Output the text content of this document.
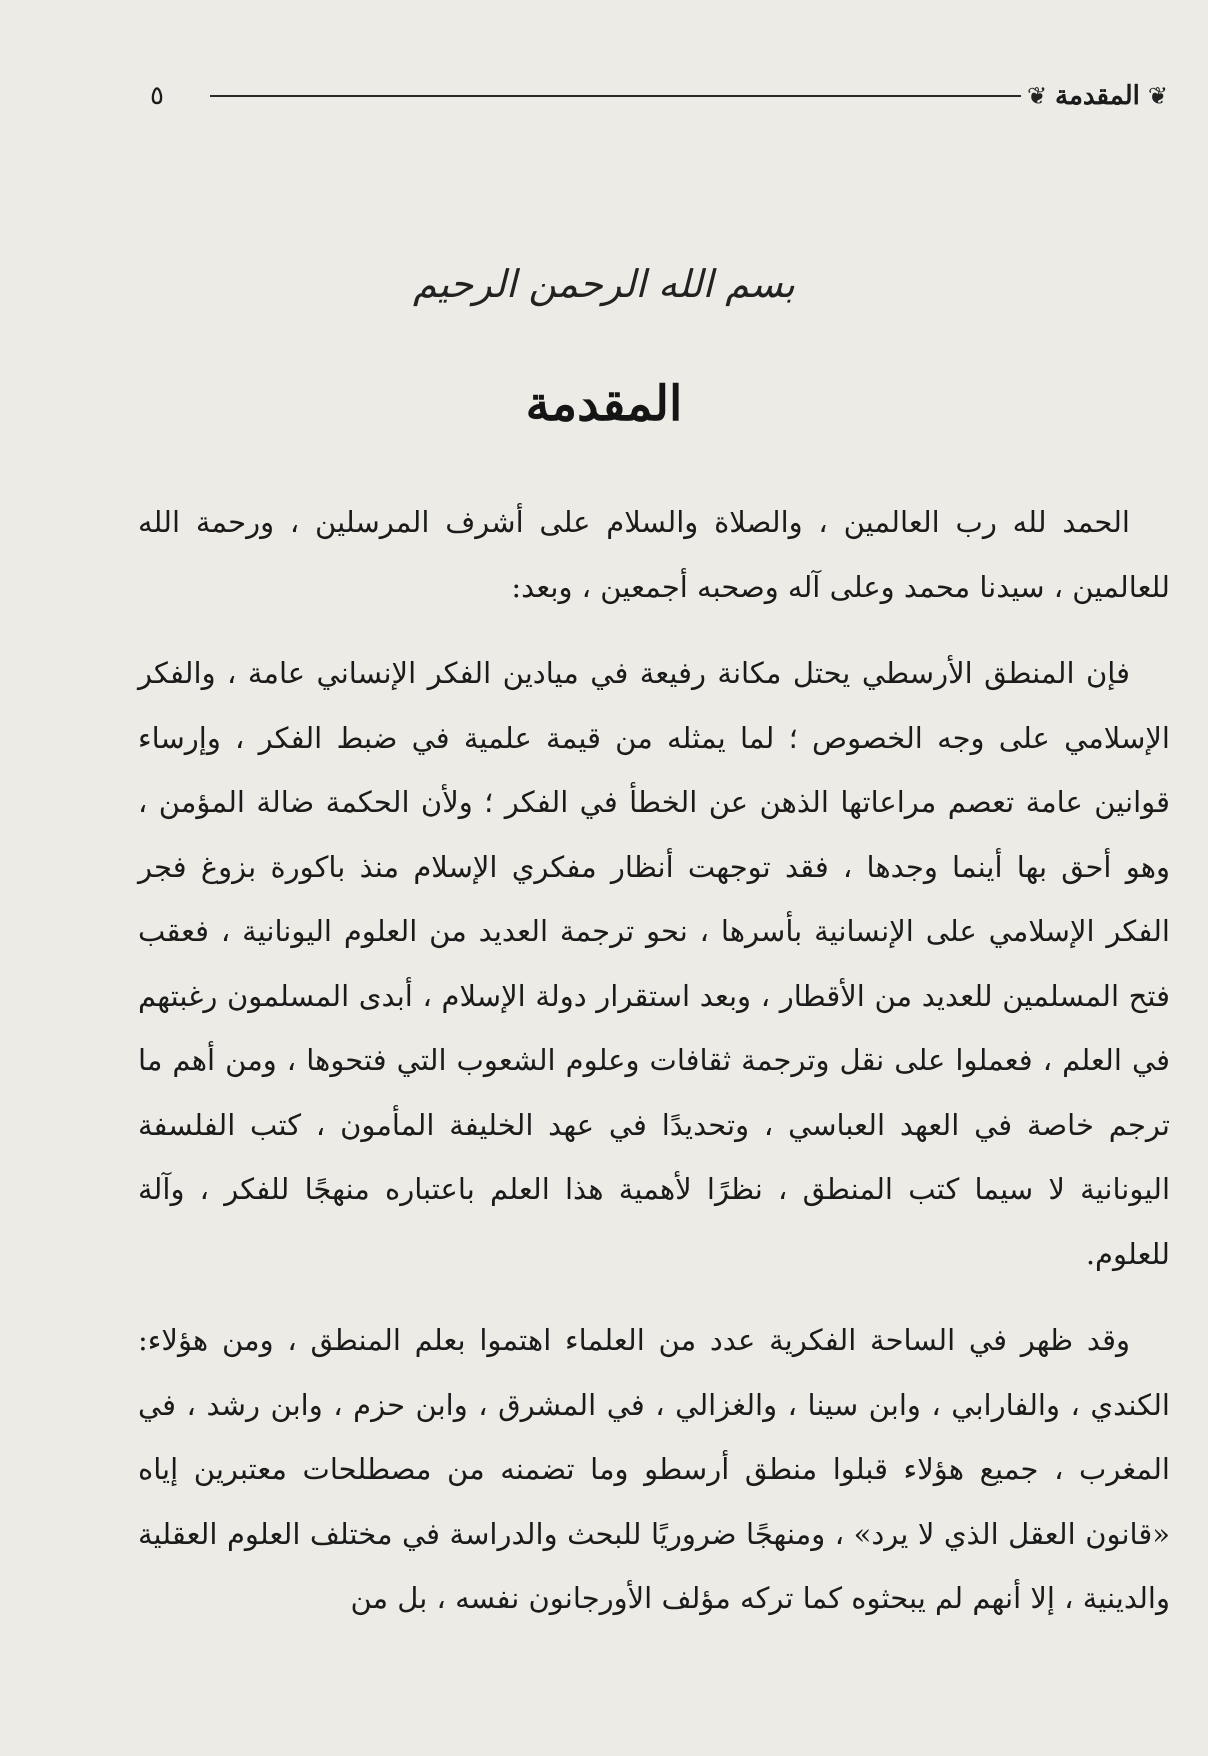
❦
المقدمة
❦
٥
بسم الله الرحمن الرحيم
المقدمة

الحمد لله رب العالمين ، والصلاة والسلام على أشرف المرسلين ، ورحمة الله للعالمين ، سيدنا محمد وعلى آله وصحبه أجمعين ، وبعد:

فإن المنطق الأرسطي يحتل مكانة رفيعة في ميادين الفكر الإنساني عامة ، والفكر الإسلامي على وجه الخصوص ؛ لما يمثله من قيمة علمية في ضبط الفكر ، وإرساء قوانين عامة تعصم مراعاتها الذهن عن الخطأ في الفكر ؛ ولأن الحكمة ضالة المؤمن ، وهو أحق بها أينما وجدها ، فقد توجهت أنظار مفكري الإسلام منذ باكورة بزوغ فجر الفكر الإسلامي على الإنسانية بأسرها ، نحو ترجمة العديد من العلوم اليونانية ، فعقب فتح المسلمين للعديد من الأقطار ، وبعد استقرار دولة الإسلام ، أبدى المسلمون رغبتهم في العلم ، فعملوا على نقل وترجمة ثقافات وعلوم الشعوب التي فتحوها ، ومن أهم ما ترجم خاصة في العهد العباسي ، وتحديدًا في عهد الخليفة المأمون ، كتب الفلسفة اليونانية لا سيما كتب المنطق ، نظرًا لأهمية هذا العلم باعتباره منهجًا للفكر ، وآلة للعلوم.

وقد ظهر في الساحة الفكرية عدد من العلماء اهتموا بعلم المنطق ، ومن هؤلاء: الكندي ، والفارابي ، وابن سينا ، والغزالي ، في المشرق ، وابن حزم ، وابن رشد ، في المغرب ، جميع هؤلاء قبلوا منطق أرسطو وما تضمنه من مصطلحات معتبرين إياه «قانون العقل الذي لا يرد» ، ومنهجًا ضروريًا للبحث والدراسة في مختلف العلوم العقلية والدينية ، إلا أنهم لم يبحثوه كما تركه مؤلف الأورجانون نفسه ، بل من
